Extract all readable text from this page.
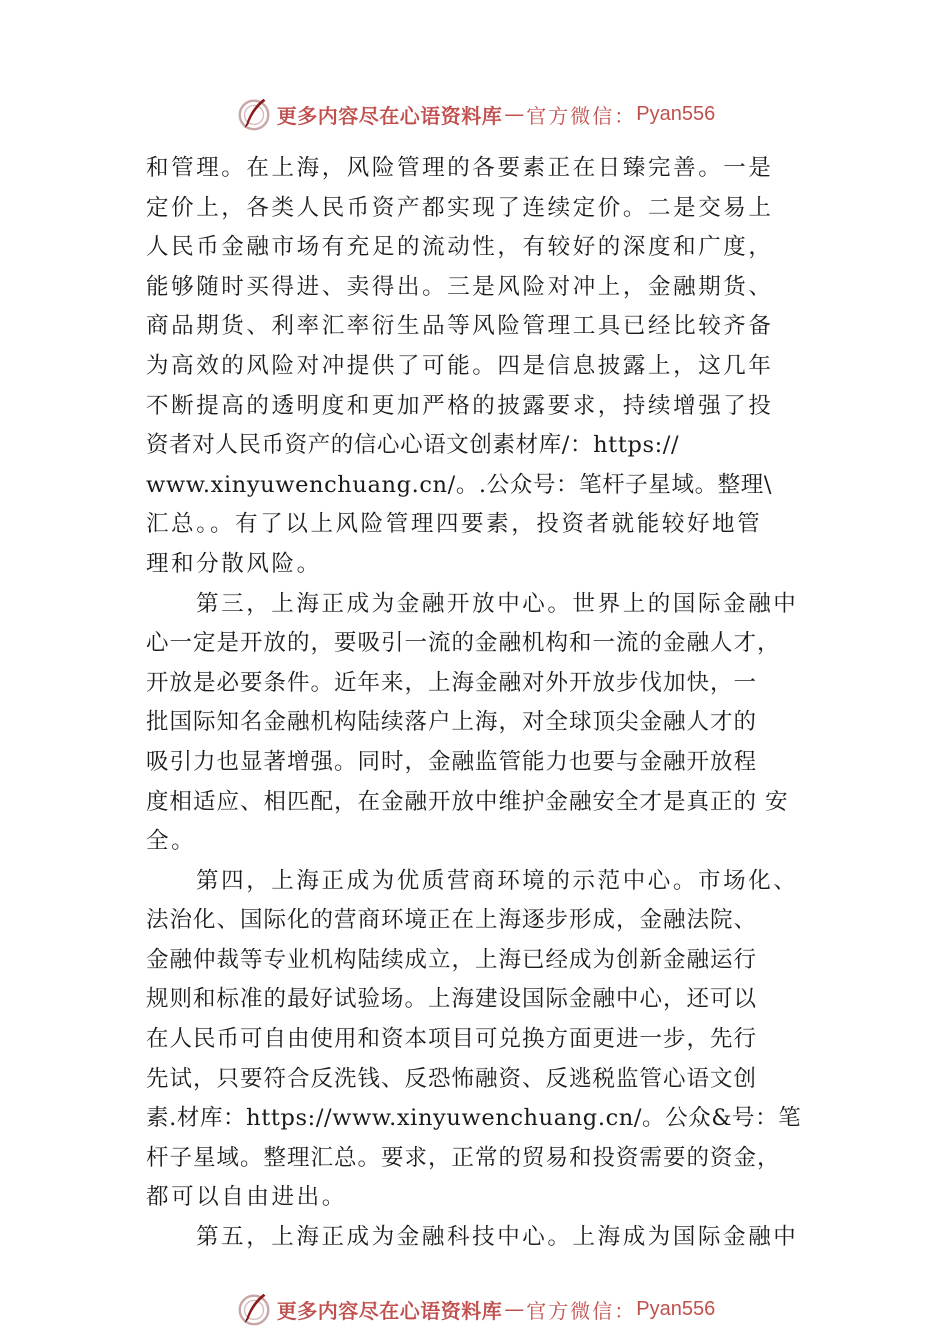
更多内容尽在心语资料库 — 官方微信： Pyan556
和管理。在上海，风险管理的各要素正在日臻完善。一是
定价上，各类人民币资产都实现了连续定价。二是交易上
人民币金融市场有充足的流动性，有较好的深度和广度，
能够随时买得进、卖得出。三是风险对冲上，金融期货、
商品期货、利率汇率衍生品等风险管理工具已经比较齐备
为高效的风险对冲提供了可能。四是信息披露上，这几年
不断提高的透明度和更加严格的披露要求，持续增强了投
资者对人民币资产的信心心语文创素材库/：https://
www.xinyuwenchuang.cn/。.公众号：笔杆子星域。整理\
汇总。。有了以上风险管理四要素，投资者就能较好地管
理和分散风险。
第三，上海正成为金融开放中心。世界上的国际金融中
心一定是开放的，要吸引一流的金融机构和一流的金融人才，
开放是必要条件。近年来，上海金融对外开放步伐加快，一
批国际知名金融机构陆续落户上海，对全球顶尖金融人才的
吸引力也显著增强。同时，金融监管能力也要与金融开放程
度相适应、相匹配，在金融开放中维护金融安全才是真正的 安
全。
第四，上海正成为优质营商环境的示范中心。市场化、
法治化、国际化的营商环境正在上海逐步形成，金融法院、
金融仲裁等专业机构陆续成立，上海已经成为创新金融运行
规则和标准的最好试验场。上海建设国际金融中心，还可以
在人民币可自由使用和资本项目可兑换方面更进一步，先行
先试，只要符合反洗钱、反恐怖融资、反逃税监管心语文创
素.材库：https://www.xinyuwenchuang.cn/。公众&号：笔
杆子星域。整理汇总。要求，正常的贸易和投资需要的资金，
都可以自由进出。
第五，上海正成为金融科技中心。上海成为国际金融中
更多内容尽在心语资料库 — 官方微信： Pyan556
